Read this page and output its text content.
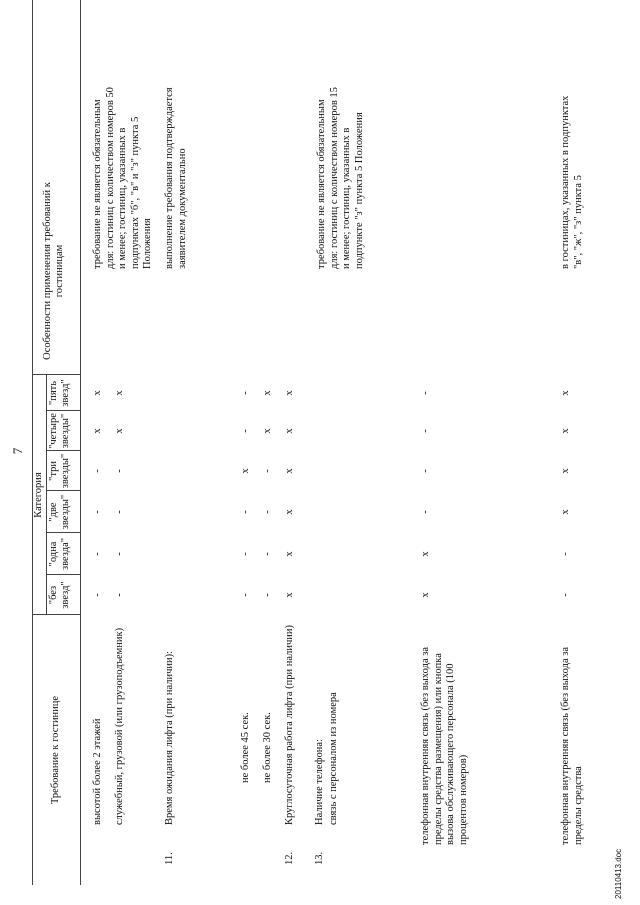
7
Требование к гостинице
Категория
"без звезд"
"одна звезда"
"две звезды"
"три звезды"
"четыре звезды"
"пять звезд"
Особенности применения требований к гостиницам
высотой более 2 этажей
-
-
-
-
x
x
требование не является обязательным для: гостиниц с количеством номеров 50 и менее; гостиниц, указанных в подпунктах "б", "в" и "з" пункта 5 Положения
служебный, грузовой (или грузоподъемник)
-
-
-
-
x
x
11.
Время ожидания лифта (при наличии):
выполнение требования подтверждается заявителем документально
не более 45 сек.
-
-
-
x
-
-
не более 30 сек.
-
-
-
-
x
x
12.
Круглосуточная работа лифта (при наличии)
x
x
x
x
x
x
13.
Наличие телефона: связь с персоналом из номера
требование не является обязательным для: гостиниц с количеством номеров 15 и менее; гостиниц, указанных в подпункте "з" пункта 5 Положения
телефонная внутренняя связь (без выхода за пределы средства размещения) или кнопка вызова обслуживающего персонала (100 процентов номеров)
x
x
-
-
-
-
телефонная внутренняя связь (без выхода за пределы средства
-
-
x
x
x
x
в гостиницах, указанных в подпунктах "в", "ж", "з" пункта 5
20110413.doc
